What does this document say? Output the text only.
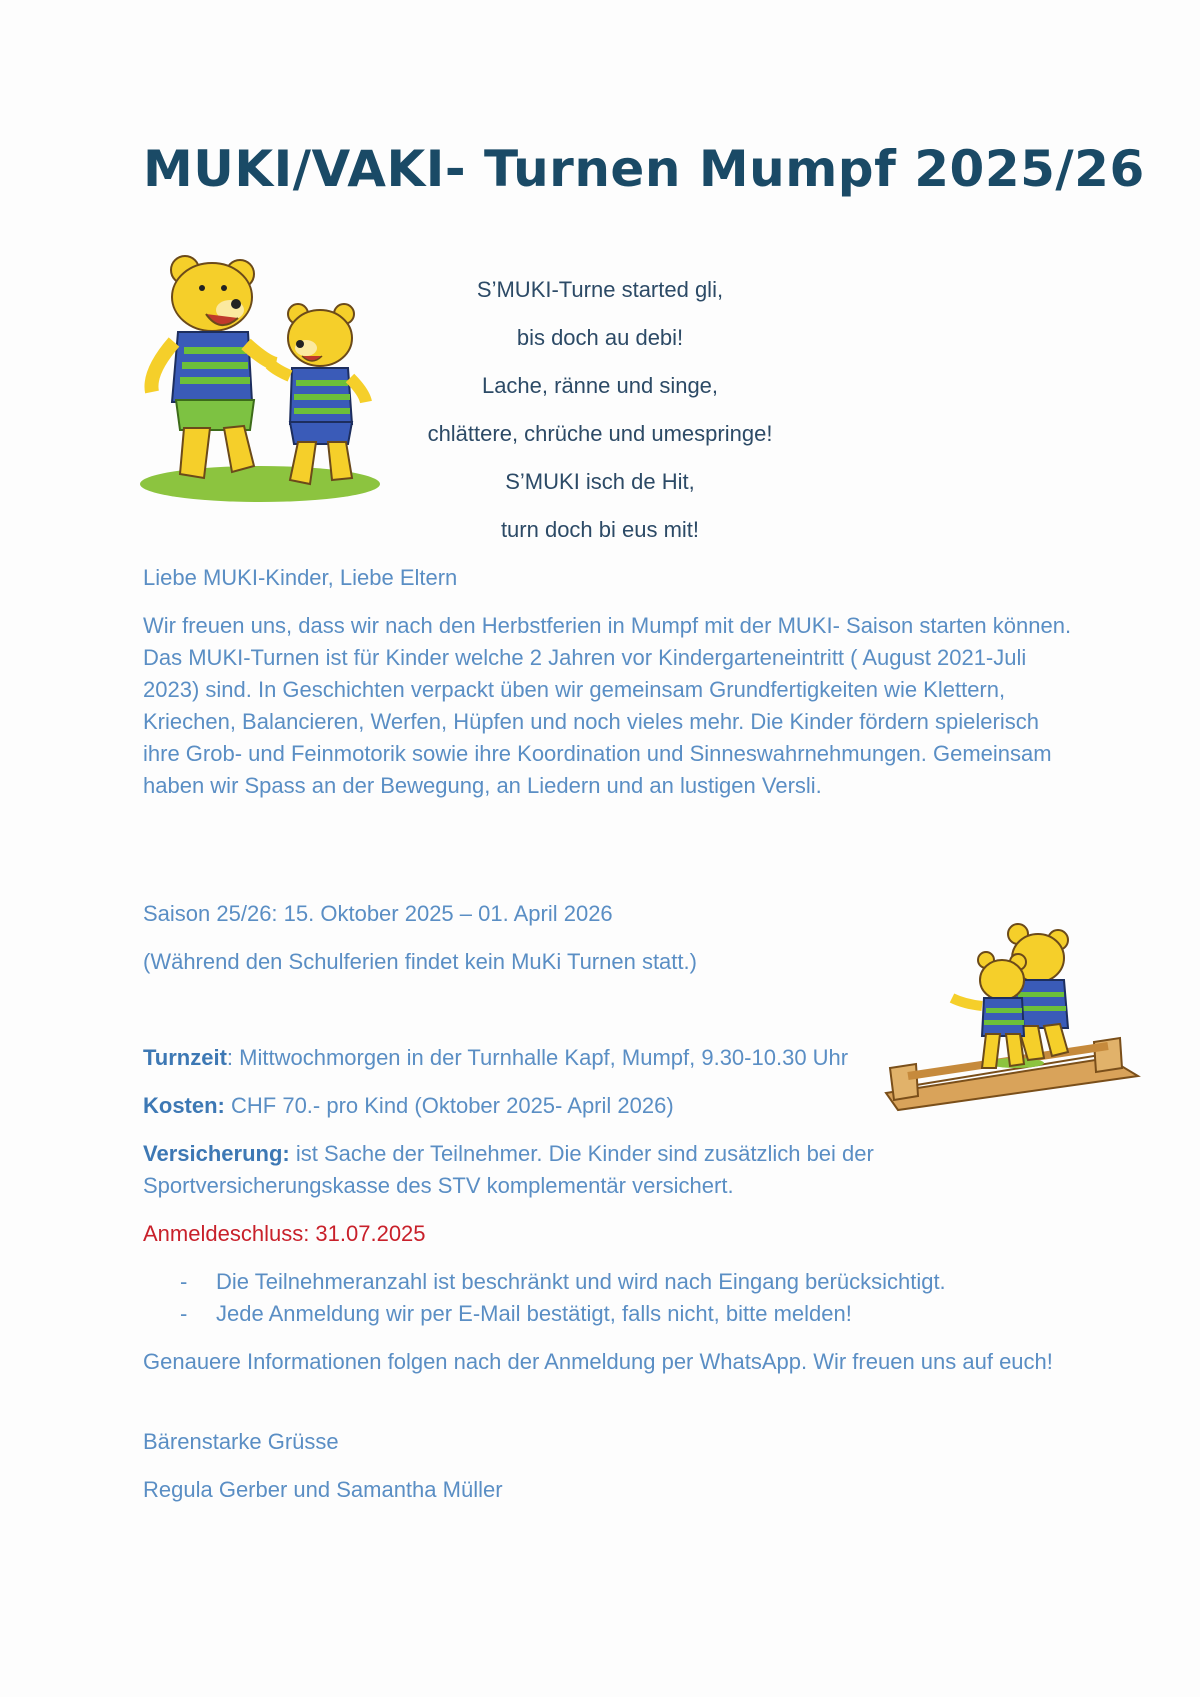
MUKI/VAKI- Turnen Mumpf 2025/26

S’MUKI-Turne started gli,

bis doch au debi!

Lache, ränne und singe,

chlättere, chrüche und umespringe!

S’MUKI isch de Hit,

turn doch bi eus mit!

Liebe MUKI-Kinder, Liebe Eltern

Wir freuen uns, dass wir nach den Herbstferien in Mumpf mit der MUKI- Saison starten können. Das MUKI-Turnen ist für Kinder welche 2 Jahren vor Kindergarteneintritt ( August 2021-Juli 2023) sind. In Geschichten verpackt üben wir gemeinsam Grundfertigkeiten wie Klettern, Kriechen, Balancieren, Werfen, Hüpfen und noch vieles mehr. Die Kinder fördern spielerisch ihre Grob- und Feinmotorik sowie ihre Koordination und Sinneswahrnehmungen. Gemeinsam haben wir Spass an der Bewegung, an Liedern und an lustigen Versli.

Saison 25/26: 15. Oktober 2025 – 01. April 2026

(Während den Schulferien findet kein MuKi Turnen statt.)

Turnzeit: Mittwochmorgen in der Turnhalle Kapf, Mumpf, 9.30-10.30 Uhr

Kosten: CHF 70.- pro Kind (Oktober 2025- April 2026)

Versicherung: ist Sache der Teilnehmer. Die Kinder sind zusätzlich bei der Sportversicherungskasse des STV komplementär versichert.

Anmeldeschluss: 31.07.2025

- Die Teilnehmeranzahl ist beschränkt und wird nach Eingang berücksichtigt.
- Jede Anmeldung wir per E-Mail bestätigt, falls nicht, bitte melden!

Genauere Informationen folgen nach der Anmeldung per WhatsApp. Wir freuen uns auf euch!

Bärenstarke Grüsse

Regula Gerber und Samantha Müller
